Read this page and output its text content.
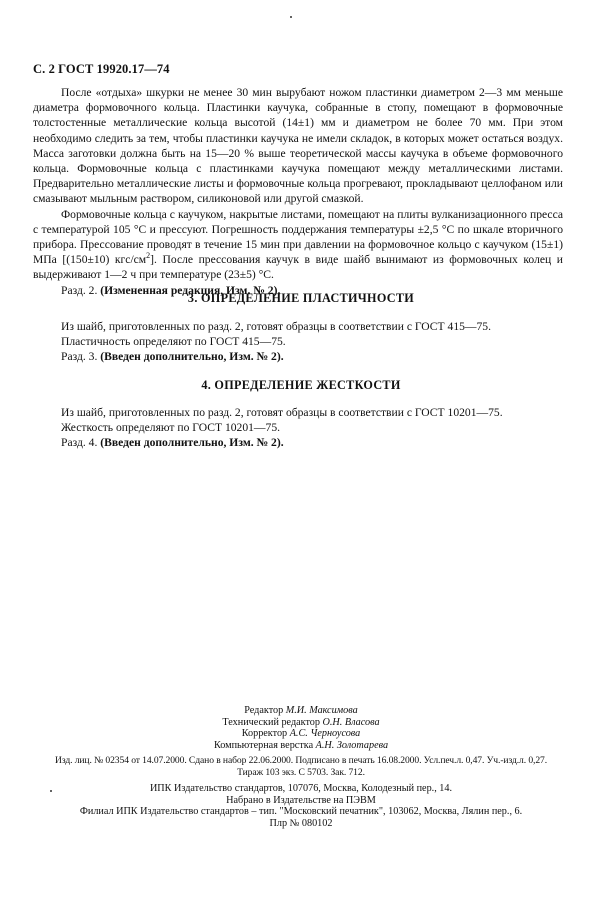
С. 2 ГОСТ 19920.17—74

После «отдыха» шкурки не менее 30 мин вырубают ножом пластинки диаметром 2—3 мм меньше диаметра формовочного кольца. Пластинки каучука, собранные в стопу, помещают в формовочные толстостенные металлические кольца высотой (14±1) мм и диаметром не более 70 мм. При этом необходимо следить за тем, чтобы пластинки каучука не имели складок, в которых может остаться воздух. Масса заготовки должна быть на 15—20 % выше теоретической массы каучука в объеме формовочного кольца. Формовочные кольца с пластинками каучука помещают между металлическими листами. Предварительно металлические листы и формовочные кольца прогревают, прокладывают целлофаном или смазывают мыльным раствором, силиконовой или другой смазкой.

Формовочные кольца с каучуком, накрытые листами, помещают на плиты вулканизационного пресса с температурой 105 °С и прессуют. Погрешность поддержания температуры ±2,5 °С по шкале вторичного прибора. Прессование проводят в течение 15 мин при давлении на формовочное кольцо с каучуком (15±1) МПа [(150±10) кгс/$см^2$]. После прессования каучук в виде шайб вынимают из формовочных колец и выдерживают 1—2 ч при температуре (23±5) °С.

Разд. 2. (Измененная редакция, Изм. № 2).

3. ОПРЕДЕЛЕНИЕ ПЛАСТИЧНОСТИ

Из шайб, приготовленных по разд. 2, готовят образцы в соответствии с ГОСТ 415—75.

Пластичность определяют по ГОСТ 415—75.

Разд. 3. (Введен дополнительно, Изм. № 2).

4. ОПРЕДЕЛЕНИЕ ЖЕСТКОСТИ

Из шайб, приготовленных по разд. 2, готовят образцы в соответствии с ГОСТ 10201—75.

Жесткость определяют по ГОСТ 10201—75.

Разд. 4. (Введен дополнительно, Изм. № 2).

Редактор М.И. Максимова
Технический редактор О.Н. Власова
Корректор А.С. Черноусова
Компьютерная верстка А.Н. Золотарева
Изд. лиц. № 02354 от 14.07.2000. Сдано в набор 22.06.2000. Подписано в печать 16.08.2000. Усл.печ.л. 0,47. Уч.-изд.л. 0,27.
Тираж 103 экз. С 5703. Зак. 712.
ИПК Издательство стандартов, 107076, Москва, Колодезный пер., 14.
Набрано в Издательстве на ПЭВМ
Филиал ИПК Издательство стандартов – тип. "Московский печатник", 103062, Москва, Лялин пер., 6.
Плр № 080102
